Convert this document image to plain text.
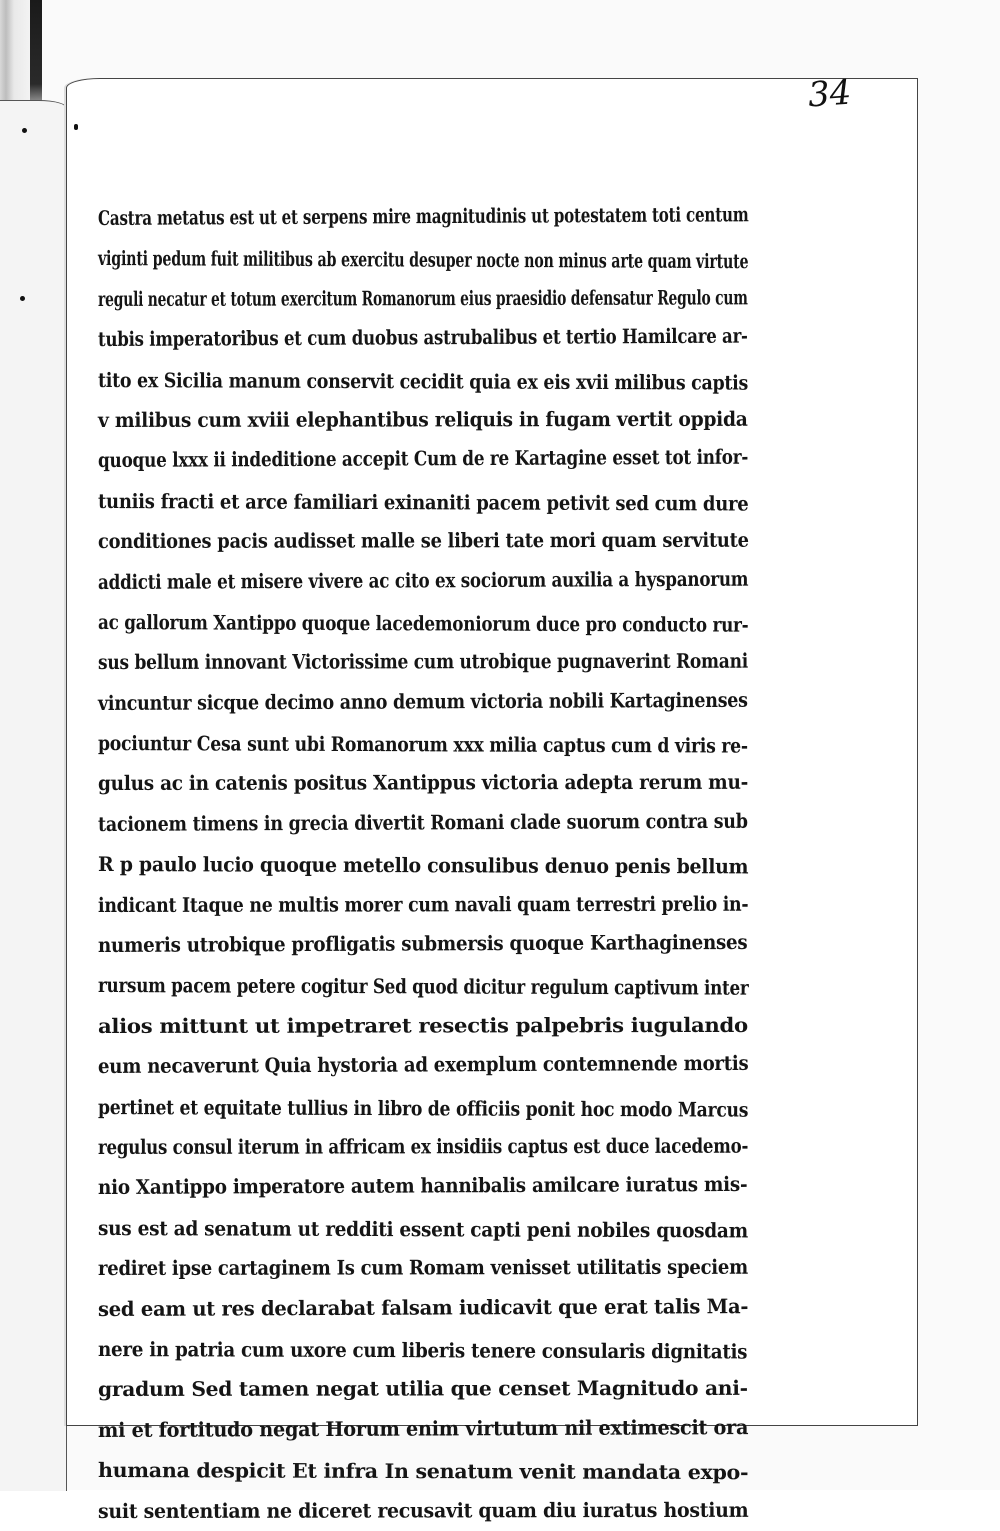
34
Castra metatus est ut et serpens mire magnitudinis ut potestatem toti centum
viginti pedum fuit militibus ab exercitu desuper nocte non minus arte quam virtute
reguli necatur et totum exercitum Romanorum eius praesidio defensatur Regulo cum
tubis imperatoribus et cum duobus astrubalibus et tertio Hamilcare ar-
tito ex Sicilia manum conservit cecidit quia ex eis xvii milibus captis
v milibus cum xviii elephantibus reliquis in fugam vertit oppida
quoque lxxx ii indeditione accepit Cum de re Kartagine esset tot infor-
tuniis fracti et arce familiari exinaniti pacem petivit sed cum dure
conditiones pacis audisset malle se liberi tate mori quam servitute
addicti male et misere vivere ac cito ex sociorum auxilia a hyspanorum
ac gallorum Xantippo quoque lacedemoniorum duce pro conducto rur-
sus bellum innovant Victorissime cum utrobique pugnaverint Romani
vincuntur sicque decimo anno demum victoria nobili Kartaginenses
pociuntur Cesa sunt ubi Romanorum xxx milia captus cum d viris re-
gulus ac in catenis positus Xantippus victoria adepta rerum mu-
tacionem timens in grecia divertit Romani clade suorum contra sub
R p paulo lucio quoque metello consulibus denuo penis bellum
indicant Itaque ne multis morer cum navali quam terrestri prelio in-
numeris utrobique profligatis submersis quoque Karthaginenses
rursum pacem petere cogitur Sed quod dicitur regulum captivum inter
alios mittunt ut impetraret resectis palpebris iugulando
eum necaverunt Quia hystoria ad exemplum contemnende mortis
pertinet et equitate tullius in libro de officiis ponit hoc modo Marcus
regulus consul iterum in affricam ex insidiis captus est duce lacedemo-
nio Xantippo imperatore autem hannibalis amilcare iuratus mis-
sus est ad senatum ut redditi essent capti peni nobiles quosdam
rediret ipse cartaginem Is cum Romam venisset utilitatis speciem
sed eam ut res declarabat falsam iudicavit que erat talis Ma-
nere in patria cum uxore cum liberis tenere consularis dignitatis
gradum Sed tamen negat utilia que censet Magnitudo ani-
mi et fortitudo negat Horum enim virtutum nil extimescit ora
humana despicit Et infra In senatum venit mandata expo-
suit sententiam ne diceret recusavit quam diu iuratus hostium
